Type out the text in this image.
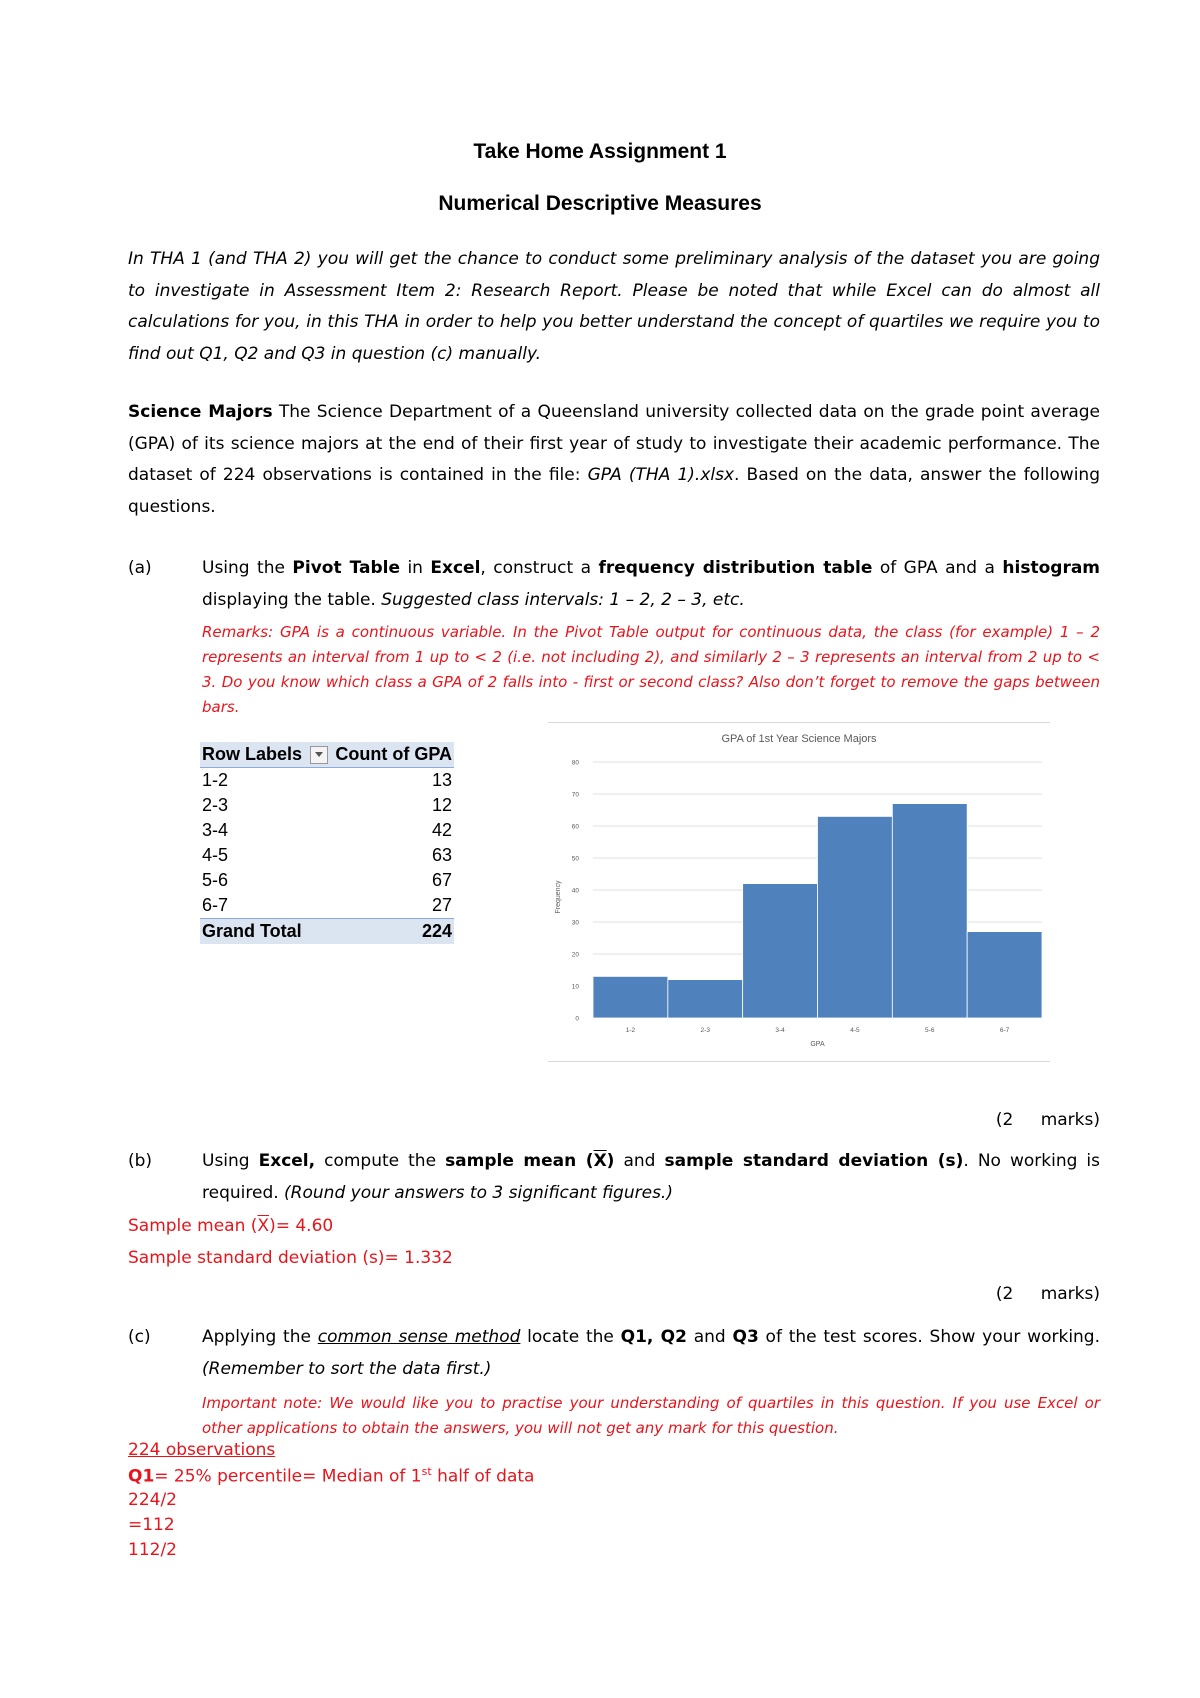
Take Home Assignment 1
Numerical Descriptive Measures
In THA 1 (and THA 2) you will get the chance to conduct some preliminary analysis of the dataset you are going to investigate in Assessment Item 2: Research Report. Please be noted that while Excel can do almost all calculations for you, in this THA in order to help you better understand the concept of quartiles we require you to find out Q1, Q2 and Q3 in question (c) manually.
Science Majors The Science Department of a Queensland university collected data on the grade point average (GPA) of its science majors at the end of their first year of study to investigate their academic performance. The dataset of 224 observations is contained in the file: GPA (THA 1).xlsx. Based on the data, answer the following questions.
(a)	Using the Pivot Table in Excel, construct a frequency distribution table of GPA and a histogram displaying the table. Suggested class intervals: 1 – 2, 2 – 3, etc.
Remarks: GPA is a continuous variable. In the Pivot Table output for continuous data, the class (for example) 1 – 2 represents an interval from 1 up to < 2 (i.e. not including 2), and similarly 2 – 3 represents an interval from 2 up to < 3. Do you know which class a GPA of 2 falls into - first or second class? Also don’t forget to remove the gaps between bars.
Row Labels	Count of GPA
1-2	13
2-3	12
3-4	42
4-5	63
5-6	67
6-7	27
Grand Total	224
GPA of 1st Year Science Majors
Frequency
GPA
0
10
20
30
40
50
60
70
80
1-2	2-3	3-4	4-5	5-6	6-7
(2 marks)
(b)	Using Excel, compute the sample mean $(\overline{X})$ and sample standard deviation (s). No working is required. (Round your answers to 3 significant figures.)
Sample mean $(\overline{X})= 4.60$
Sample standard deviation (s)= 1.332
(2 marks)
(c)	Applying the common sense method locate the Q1, Q2 and Q3 of the test scores. Show your working. (Remember to sort the data first.)
Important note: We would like you to practise your understanding of quartiles in this question. If you use Excel or other applications to obtain the answers, you will not get any mark for this question.
224 observations
Q1= 25% percentile= Median of 1st half of data
224/2
=112
112/2
